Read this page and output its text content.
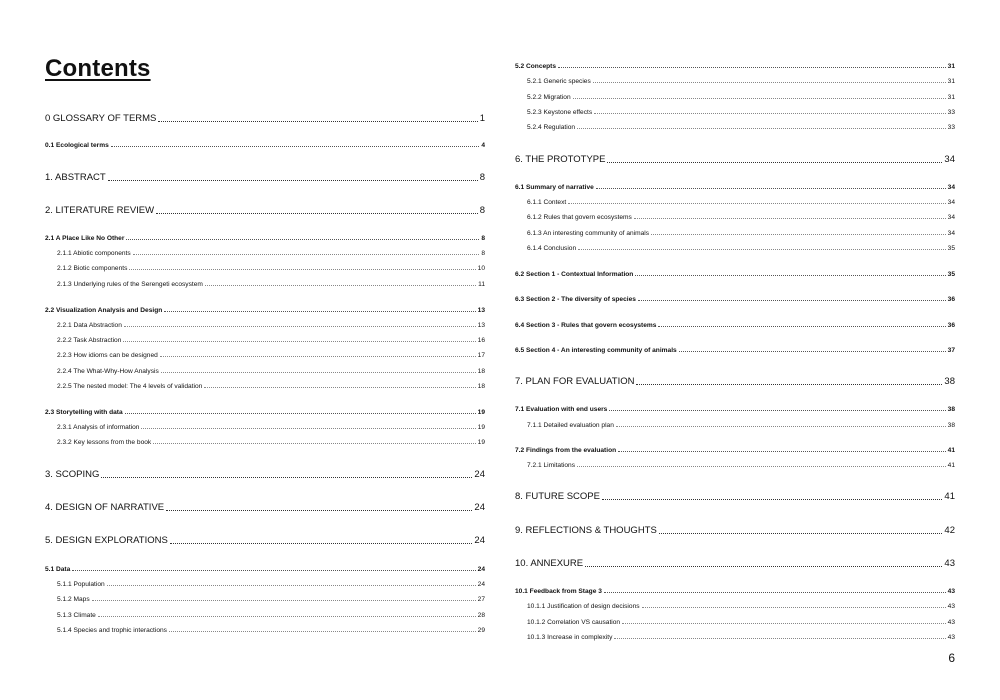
Contents
0 GLOSSARY OF TERMS	1
0.1 Ecological terms	4
1. ABSTRACT	8
2. LITERATURE REVIEW	8
2.1 A Place Like No Other	8
2.1.1 Abiotic components	8
2.1.2 Biotic components	10
2.1.3 Underlying rules of the Serengeti ecosystem	11
2.2 Visualization Analysis and Design	13
2.2.1 Data Abstraction	13
2.2.2 Task Abstraction	16
2.2.3 How idioms can be designed	17
2.2.4 The What-Why-How Analysis	18
2.2.5 The nested model: The 4 levels of validation	18
2.3 Storytelling with data	19
2.3.1 Analysis of information	19
2.3.2 Key lessons from the book	19
3. SCOPING	24
4. DESIGN OF NARRATIVE	24
5. DESIGN EXPLORATIONS	24
5.1 Data	24
5.1.1 Population	24
5.1.2 Maps	27
5.1.3 Climate	28
5.1.4 Species and trophic interactions	29
5.2 Concepts	31
5.2.1 Generic species	31
5.2.2 Migration	31
5.2.3 Keystone effects	33
5.2.4 Regulation	33
6. THE PROTOTYPE	34
6.1 Summary of narrative	34
6.1.1 Context	34
6.1.2 Rules that govern ecosystems	34
6.1.3 An interesting community of animals	34
6.1.4 Conclusion	35
6.2 Section 1 - Contextual Information	35
6.3 Section 2 - The diversity of species	36
6.4 Section 3 - Rules that govern ecosystems	36
6.5 Section 4 - An interesting community of animals	37
7. PLAN FOR EVALUATION	38
7.1 Evaluation with end users	38
7.1.1 Detailed evaluation plan	38
7.2 Findings from the evaluation	41
7.2.1 Limitations	41
8. FUTURE SCOPE	41
9. REFLECTIONS & THOUGHTS	42
10. ANNEXURE	43
10.1 Feedback from Stage 3	43
10.1.1 Justification of design decisions	43
10.1.2 Correlation VS causation	43
10.1.3 Increase in complexity	43
6
